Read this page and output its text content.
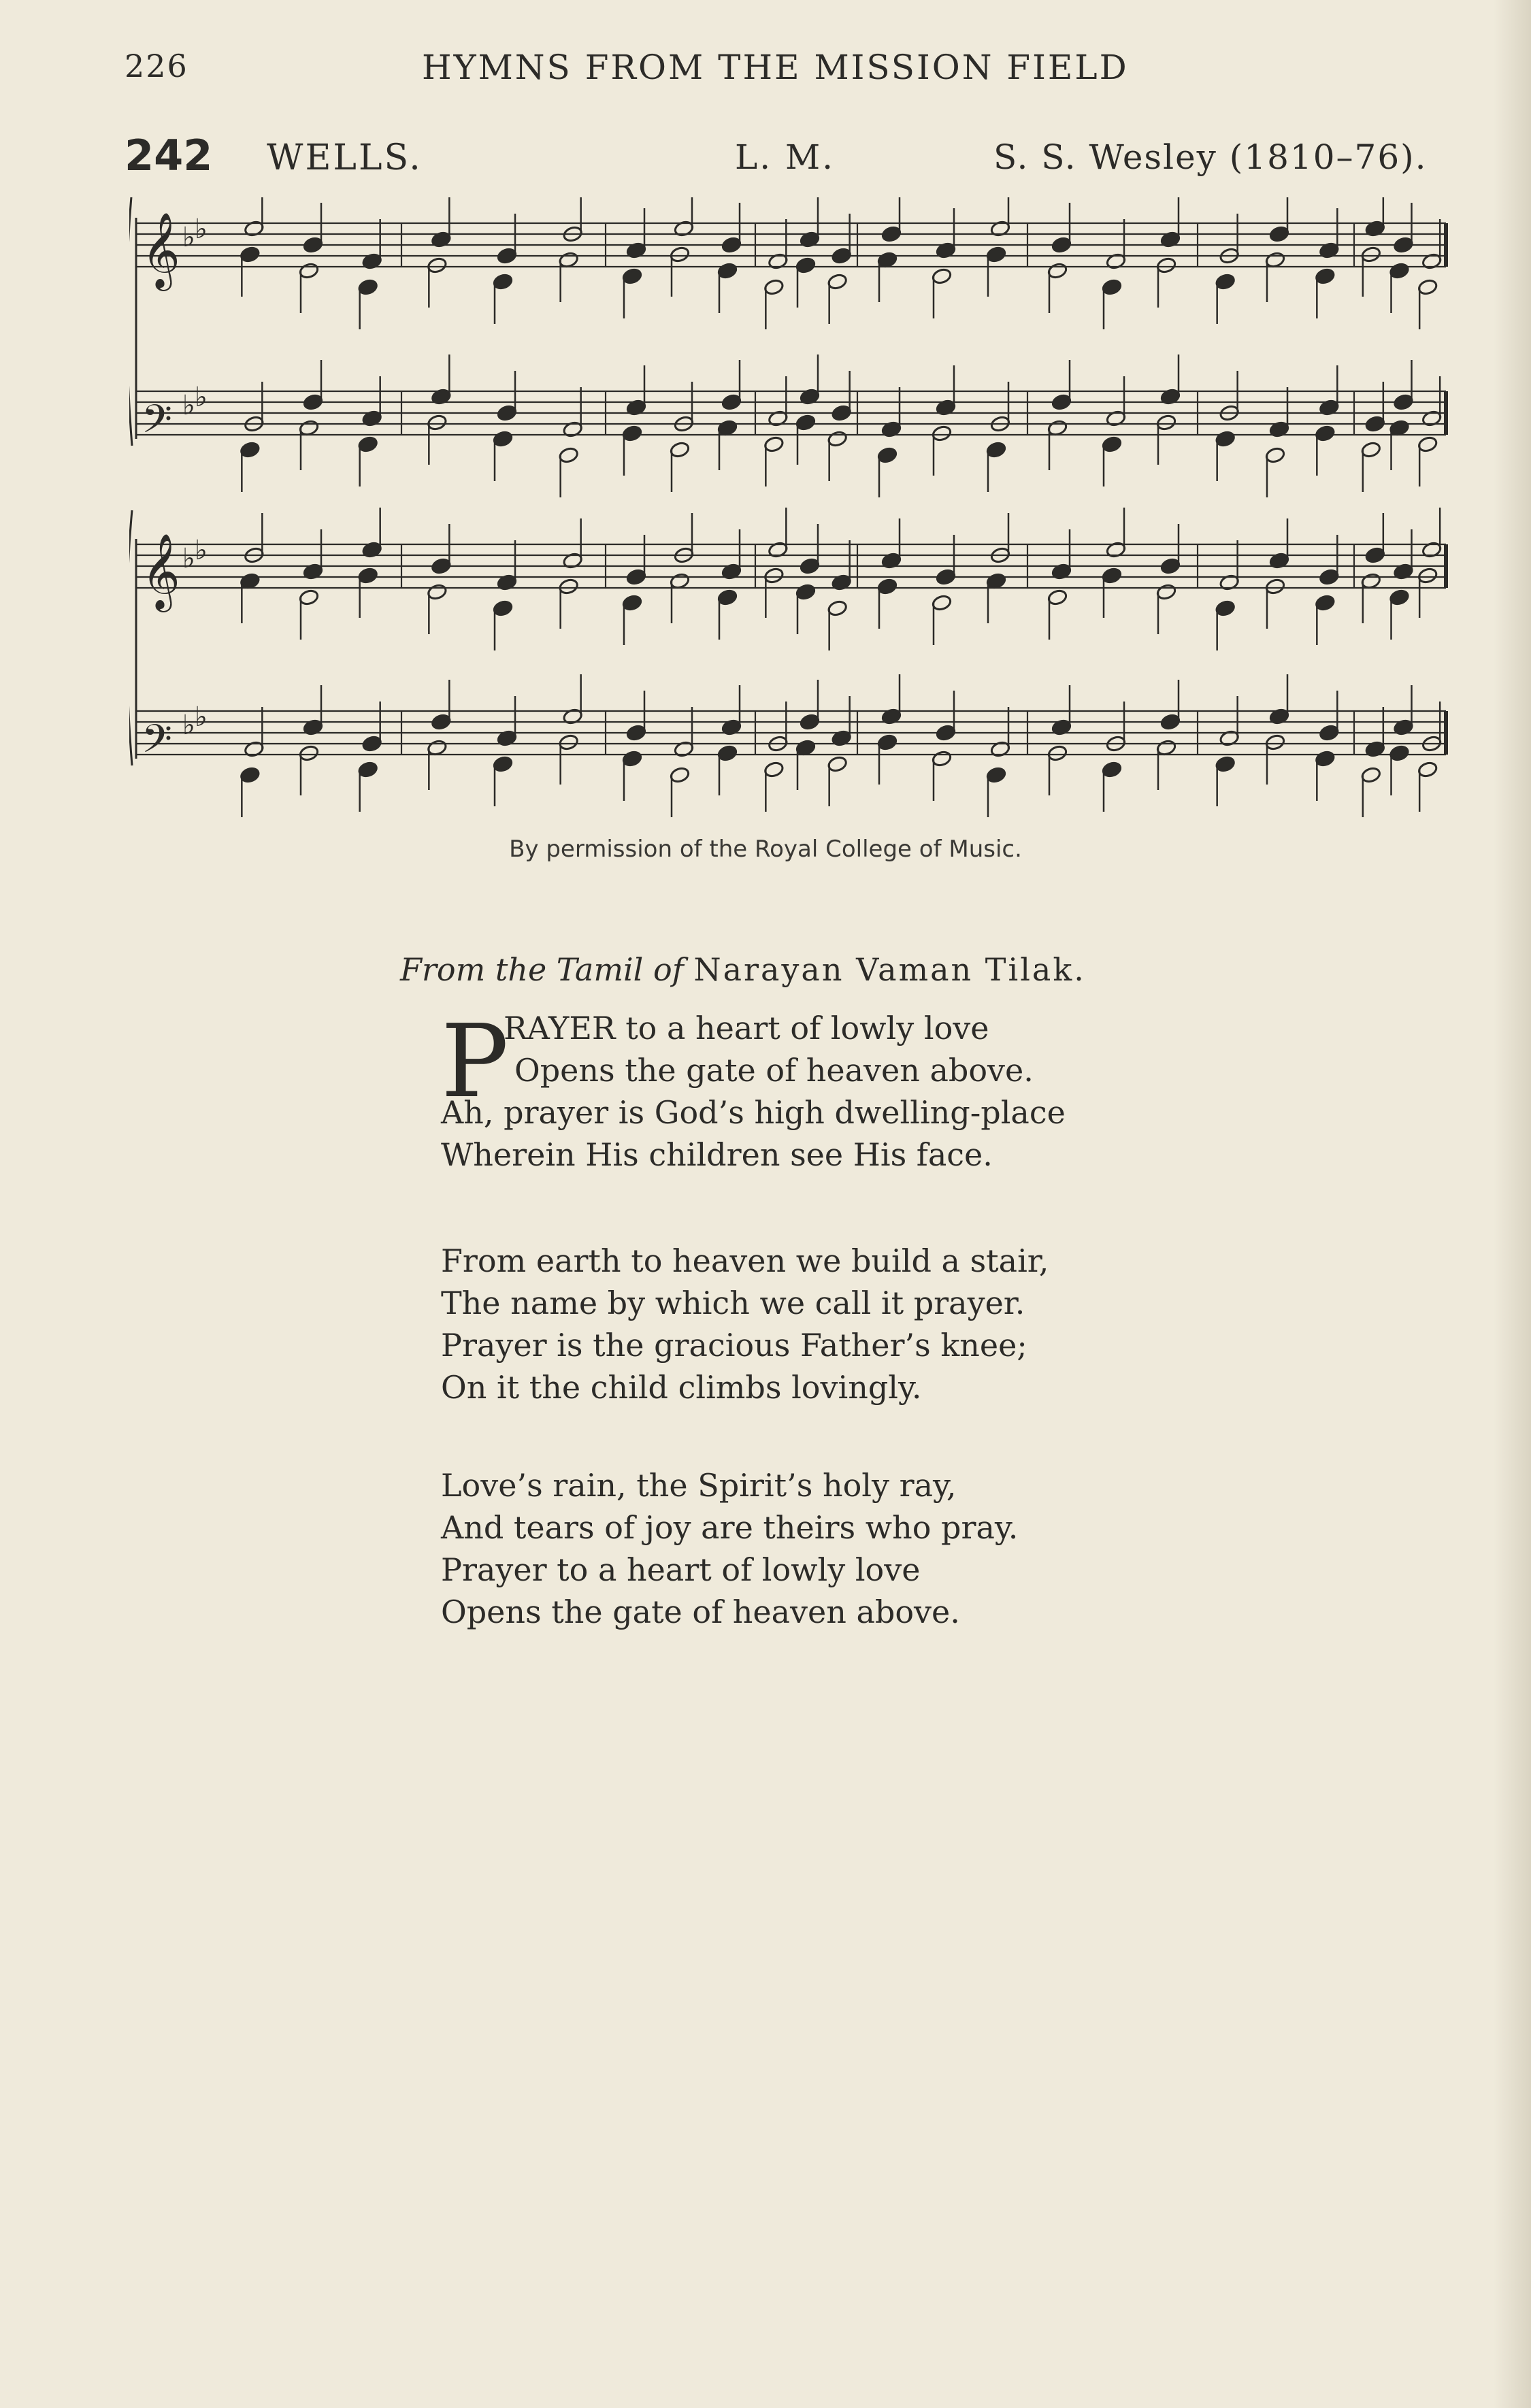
226	HYMNS FROM THE MISSION FIELD
242 WELLS.	L. M.	S. S. Wesley (1810–76).
𝄞 ♭ ♭
𝄢 ♭ ♭
𝄞 ♭ ♭
𝄢 ♭ ♭
By permission of the Royal College of Music.
From the Tamil of Narayan Vaman Tilak.
P
RAYER to a heart of lowly love
Opens the gate of heaven above.
Ah, prayer is God’s high dwelling-place
Wherein His children see His face.
From earth to heaven we build a stair,
The name by which we call it prayer.
Prayer is the gracious Father’s knee;
On it the child climbs lovingly.
Love’s rain, the Spirit’s holy ray,
And tears of joy are theirs who pray.
Prayer to a heart of lowly love
Opens the gate of heaven above.
